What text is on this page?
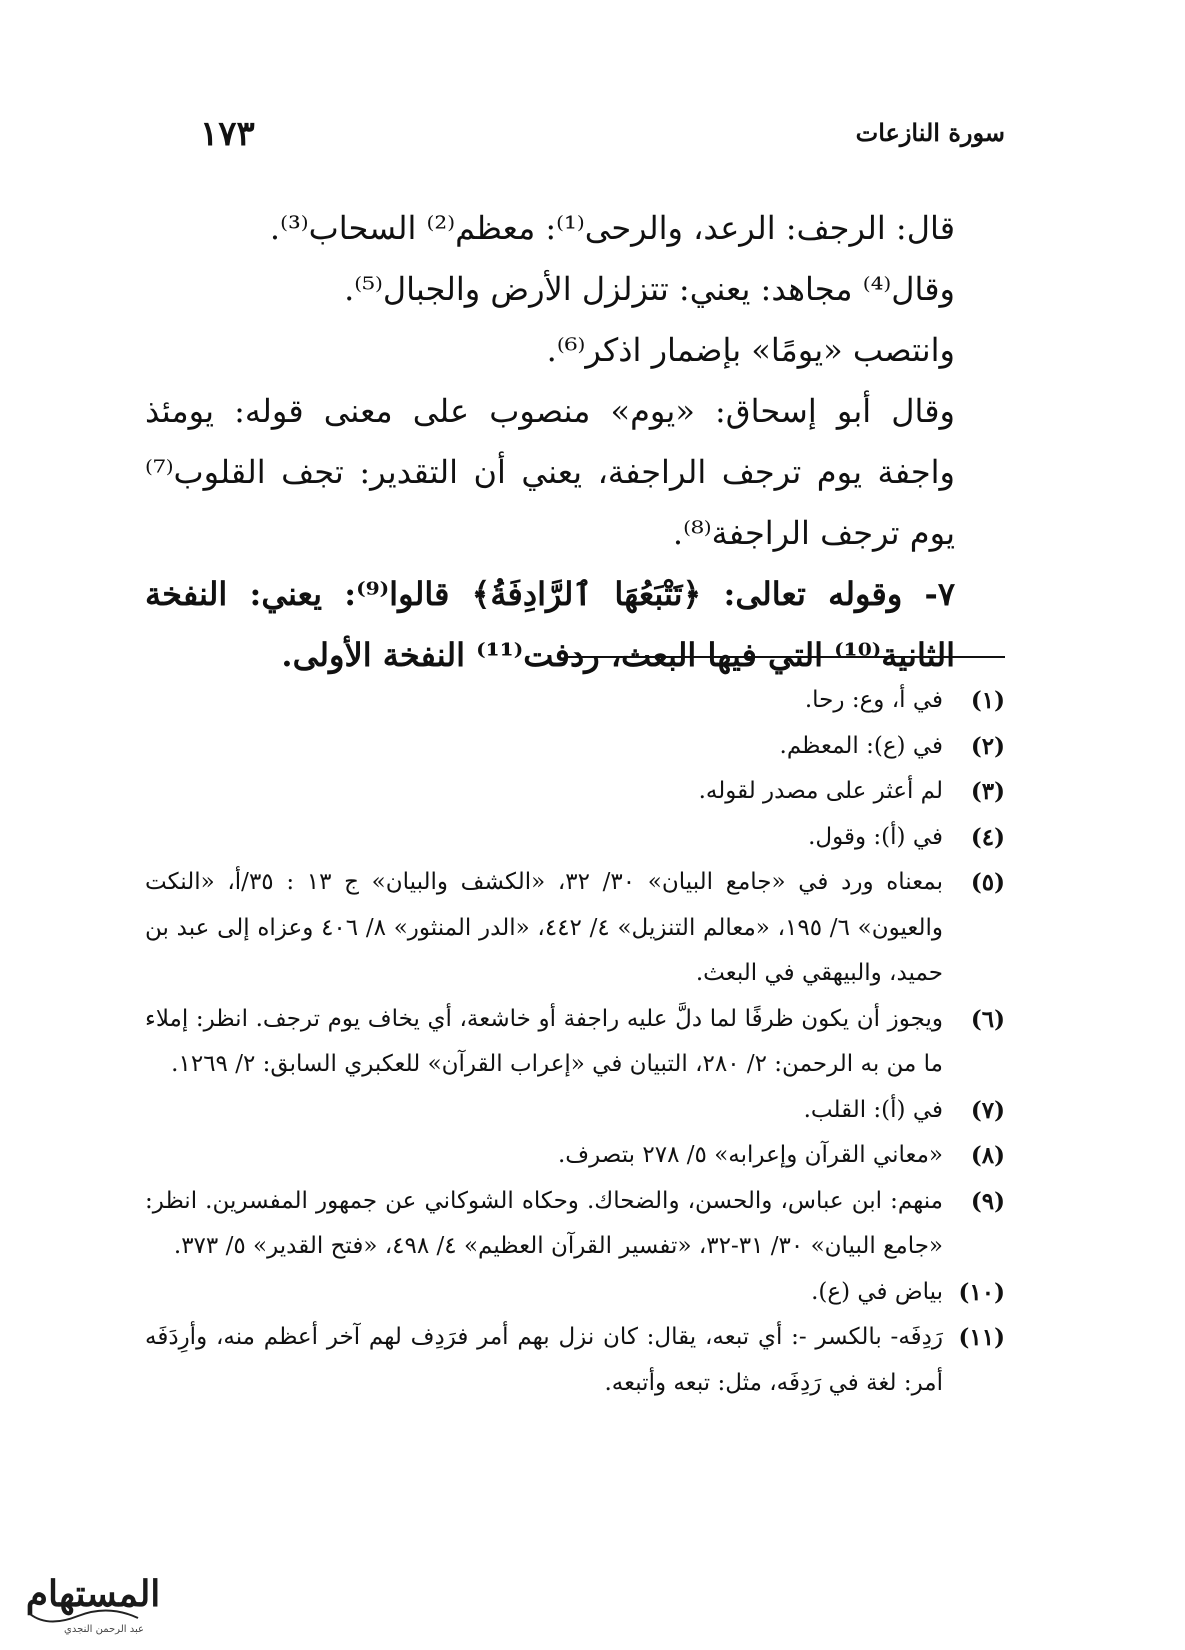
سورة النازعات
١٧٣

قال: الرجف: الرعد، والرحى⁽¹⁾: معظم⁽²⁾ السحاب⁽³⁾.

وقال⁽⁴⁾ مجاهد: يعني: تتزلزل الأرض والجبال⁽⁵⁾.

وانتصب «يومًا» بإضمار اذكر⁽⁶⁾.

وقال أبو إسحاق: «يوم» منصوب على معنى قوله: يومئذ واجفة يوم ترجف الراجفة، يعني أن التقدير: تجف القلوب⁽⁷⁾ يوم ترجف الراجفة⁽⁸⁾.

٧- وقوله تعالى: ﴿تَتْبَعُهَا ٱلرَّادِفَةُ﴾ قالوا⁽⁹⁾: يعني: النفخة الثانية⁽¹⁰⁾ التي فيها البعث، ردفت⁽¹¹⁾ النفخة الأولى.

(١)
في أ، وع: رحا.
(٢)
في (ع): المعظم.
(٣)
لم أعثر على مصدر لقوله.
(٤)
في (أ): وقول.
(٥)
بمعناه ورد في «جامع البيان» ٣٠/ ٣٢، «الكشف والبيان» ج ١٣ : ٣٥/أ، «النكت والعيون» ٦/ ١٩٥، «معالم التنزيل» ٤/ ٤٤٢، «الدر المنثور» ٨/ ٤٠٦ وعزاه إلى عبد بن حميد، والبيهقي في البعث.
(٦)
ويجوز أن يكون ظرفًا لما دلَّ عليه راجفة أو خاشعة، أي يخاف يوم ترجف. انظر: إملاء ما من به الرحمن: ٢/ ٢٨٠، التبيان في «إعراب القرآن» للعكبري السابق: ٢/ ١٢٦٩.
(٧)
في (أ): القلب.
(٨)
«معاني القرآن وإعرابه» ٥/ ٢٧٨ بتصرف.
(٩)
منهم: ابن عباس، والحسن، والضحاك. وحكاه الشوكاني عن جمهور المفسرين. انظر: «جامع البيان» ٣٠/ ٣١-٣٢، «تفسير القرآن العظيم» ٤/ ٤٩٨، «فتح القدير» ٥/ ٣٧٣.
(١٠)
بياض في (ع).
(١١)
رَدِفَه- بالكسر -: أي تبعه، يقال: كان نزل بهم أمر فرَدِف لهم آخر أعظم منه، وأرِدَفَه أمر: لغة في رَدِفَه، مثل: تبعه وأتبعه.
المستهام
عبد الرحمن النجدي
